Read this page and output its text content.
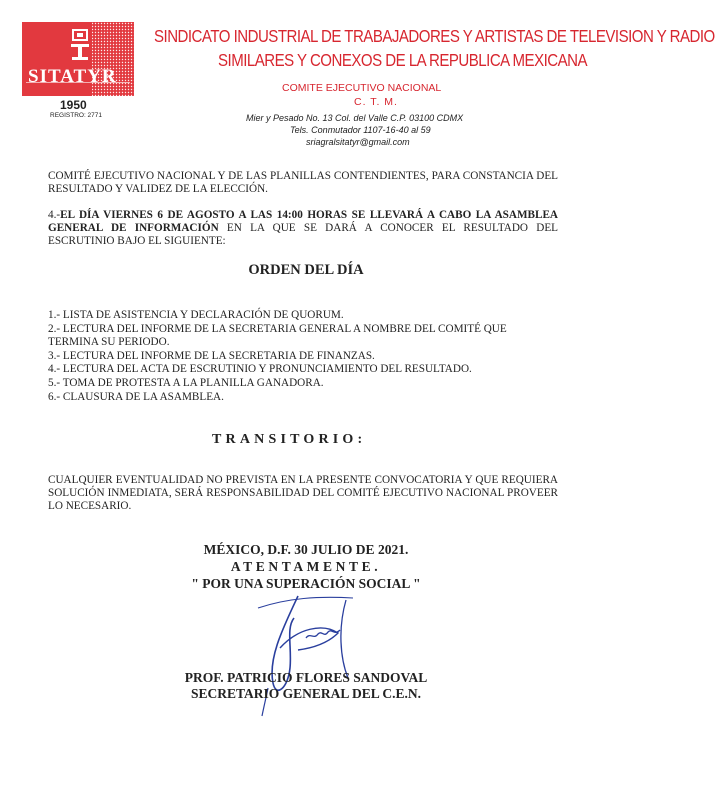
SITATYR
1950
REGISTRO: 2771
SINDICATO INDUSTRIAL DE TRABAJADORES Y ARTISTAS DE TELEVISION Y RADIO
SIMILARES Y CONEXOS DE LA REPUBLICA MEXICANA
COMITE EJECUTIVO NACIONAL
C. T. M.
Mier y Pesado No. 13 Col. del Valle C.P. 03100 CDMX
Tels. Conmutador 1107-16-40 al 59
sriagralsitatyr@gmail.com
COMITÉ EJECUTIVO NACIONAL Y DE LAS PLANILLAS CONTENDIENTES, PARA CONSTANCIA DEL RESULTADO Y VALIDEZ DE LA ELECCIÓN.
4.-EL DÍA VIERNES 6 DE AGOSTO A LAS 14:00 HORAS SE LLEVARÁ A CABO LA ASAMBLEA GENERAL DE INFORMACIÓN EN LA QUE SE DARÁ A CONOCER EL RESULTADO DEL ESCRUTINIO BAJO EL SIGUIENTE:
ORDEN DEL DÍA
1.- LISTA DE ASISTENCIA Y DECLARACIÓN DE QUORUM.
2.- LECTURA DEL INFORME DE LA SECRETARIA GENERAL A NOMBRE DEL COMITÉ QUE TERMINA SU PERIODO.
3.- LECTURA DEL INFORME DE LA SECRETARIA DE FINANZAS.
4.- LECTURA DEL ACTA DE ESCRUTINIO Y PRONUNCIAMIENTO DEL RESULTADO.
5.- TOMA DE PROTESTA A LA PLANILLA GANADORA.
6.- CLAUSURA DE LA ASAMBLEA.
TRANSITORIO:
CUALQUIER EVENTUALIDAD NO PREVISTA EN LA PRESENTE CONVOCATORIA Y QUE REQUIERA SOLUCIÓN INMEDIATA, SERÁ RESPONSABILIDAD DEL COMITÉ EJECUTIVO NACIONAL PROVEER LO NECESARIO.
MÉXICO, D.F. 30 JULIO DE 2021.
ATENTAMENTE.
" POR UNA SUPERACIÓN SOCIAL "
PROF. PATRICIO FLORES SANDOVAL
SECRETARIO GENERAL DEL C.E.N.
